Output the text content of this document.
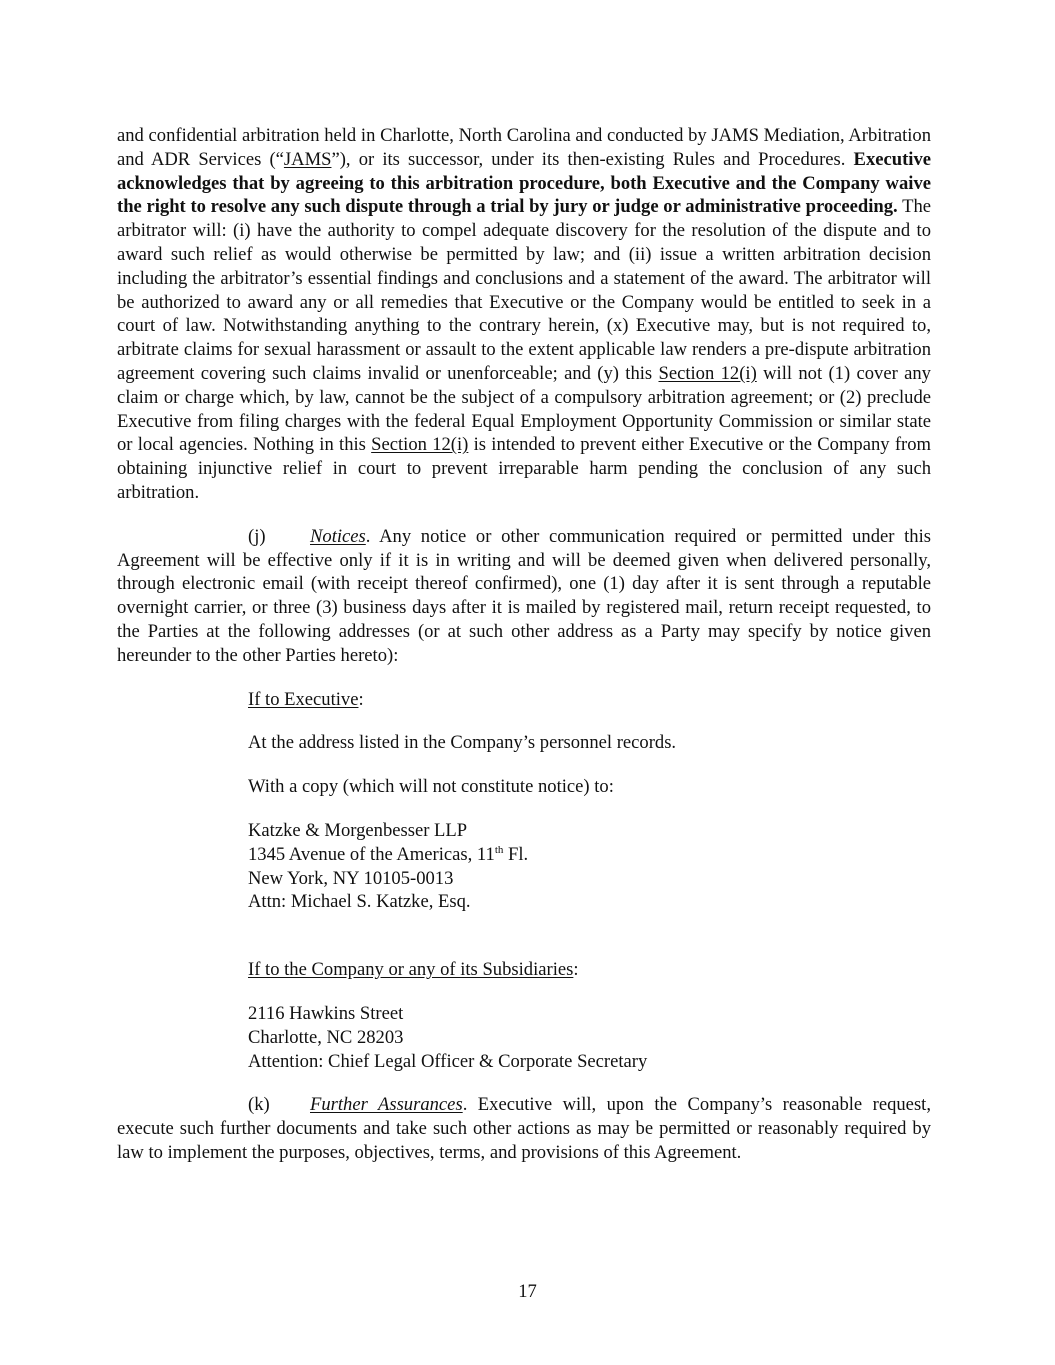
and confidential arbitration held in Charlotte, North Carolina and conducted by JAMS Mediation, Arbitration and ADR Services (“JAMS”), or its successor, under its then-existing Rules and Procedures. Executive acknowledges that by agreeing to this arbitration procedure, both Executive and the Company waive the right to resolve any such dispute through a trial by jury or judge or administrative proceeding. The arbitrator will: (i) have the authority to compel adequate discovery for the resolution of the dispute and to award such relief as would otherwise be permitted by law; and (ii) issue a written arbitration decision including the arbitrator’s essential findings and conclusions and a statement of the award. The arbitrator will be authorized to award any or all remedies that Executive or the Company would be entitled to seek in a court of law. Notwithstanding anything to the contrary herein, (x) Executive may, but is not required to, arbitrate claims for sexual harassment or assault to the extent applicable law renders a pre-dispute arbitration agreement covering such claims invalid or unenforceable; and (y) this Section 12(i) will not (1) cover any claim or charge which, by law, cannot be the subject of a compulsory arbitration agreement; or (2) preclude Executive from filing charges with the federal Equal Employment Opportunity Commission or similar state or local agencies. Nothing in this Section 12(i) is intended to prevent either Executive or the Company from obtaining injunctive relief in court to prevent irreparable harm pending the conclusion of any such arbitration.

(j) Notices. Any notice or other communication required or permitted under this Agreement will be effective only if it is in writing and will be deemed given when delivered personally, through electronic email (with receipt thereof confirmed), one (1) day after it is sent through a reputable overnight carrier, or three (3) business days after it is mailed by registered mail, return receipt requested, to the Parties at the following addresses (or at such other address as a Party may specify by notice given hereunder to the other Parties hereto):

If to Executive:

At the address listed in the Company’s personnel records.

With a copy (which will not constitute notice) to:

Katzke & Morgenbesser LLP

1345 Avenue of the Americas, 11th Fl.

New York, NY 10105-0013

Attn: Michael S. Katzke, Esq.

If to the Company or any of its Subsidiaries:

2116 Hawkins Street

Charlotte, NC 28203

Attention: Chief Legal Officer & Corporate Secretary

(k) Further Assurances. Executive will, upon the Company’s reasonable request, execute such further documents and take such other actions as may be permitted or reasonably required by law to implement the purposes, objectives, terms, and provisions of this Agreement.

17
